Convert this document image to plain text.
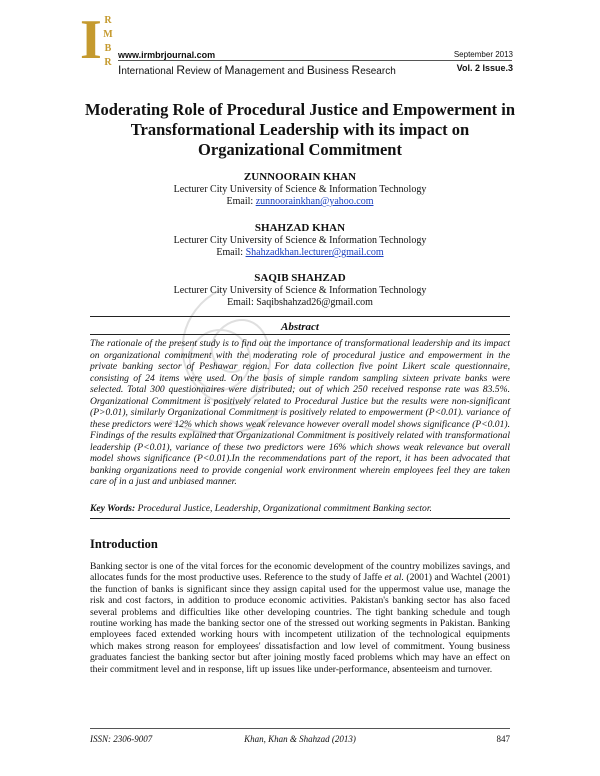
I R
M
B
R
www.irmbrjournal.com	September 2013
International Review of Management and Business Research	Vol. 2 Issue.3
Moderating Role of Procedural Justice and Empowerment in Transformational Leadership with its impact on Organizational Commitment
ZUNNOORAIN KHAN
Lecturer City University of Science & Information Technology
Email: zunnoorainkhan@yahoo.com
SHAHZAD KHAN
Lecturer City University of Science & Information Technology
Email: Shahzadkhan.lecturer@gmail.com
SAQIB SHAHZAD
Lecturer City University of Science & Information Technology
Email: Saqibshahzad26@gmail.com
Abstract
The rationale of the present study is to find out the importance of transformational leadership and its impact on organizational commitment with the moderating role of procedural justice and empowerment in the private banking sector of Peshawar region. For data collection five point Likert scale questionnaire, consisting of 24 items were used. On the basis of simple random sampling sixteen private banks were selected. Total 300 questionnaires were distributed; out of which 250 received response rate was 83.5%. Organizational Commitment is positively related to Procedural Justice but the results were non-significant (P>0.01), similarly Organizational Commitment is positively related to empowerment (P<0.01). variance of these predictors were 12% which shows weak relevance however overall model shows significance (P<0.01). Findings of the results explained that Organizational Commitment is positively related with transformational leadership (P<0.01), variance of these two predictors were 16% which shows weak relevance but overall model shows significance (P<0.01).In the recommendations part of the report, it has been advocated that banking organizations need to provide congenial work environment wherein employees feel they are taken care of in a just and unbiased manner.
Key Words: Procedural Justice, Leadership, Organizational commitment Banking sector.
Introduction
Banking sector is one of the vital forces for the economic development of the country mobilizes savings, and allocates funds for the most productive uses. Reference to the study of Jaffe et al. (2001) and Wachtel (2001) the function of banks is significant since they assign capital used for the uppermost value use, manage the risk and cost factors, in addition to produce economic activities. Pakistan's banking sector has also faced several problems and difficulties like other developing countries. The tight banking schedule and tough routine working has made the banking sector one of the stressed out working segments in Pakistan. Banking employees faced extended working hours with incompetent utilization of the technological equipments which makes strong reason for employees' dissatisfaction and low level of commitment. Young business graduates fanciest the banking sector but after joining mostly faced problems which may have an effect on their commitment level and in response, lift up issues like under-performance, absenteeism and turnover.
ISSN: 2306-9007	Khan, Khan & Shahzad (2013)	847
